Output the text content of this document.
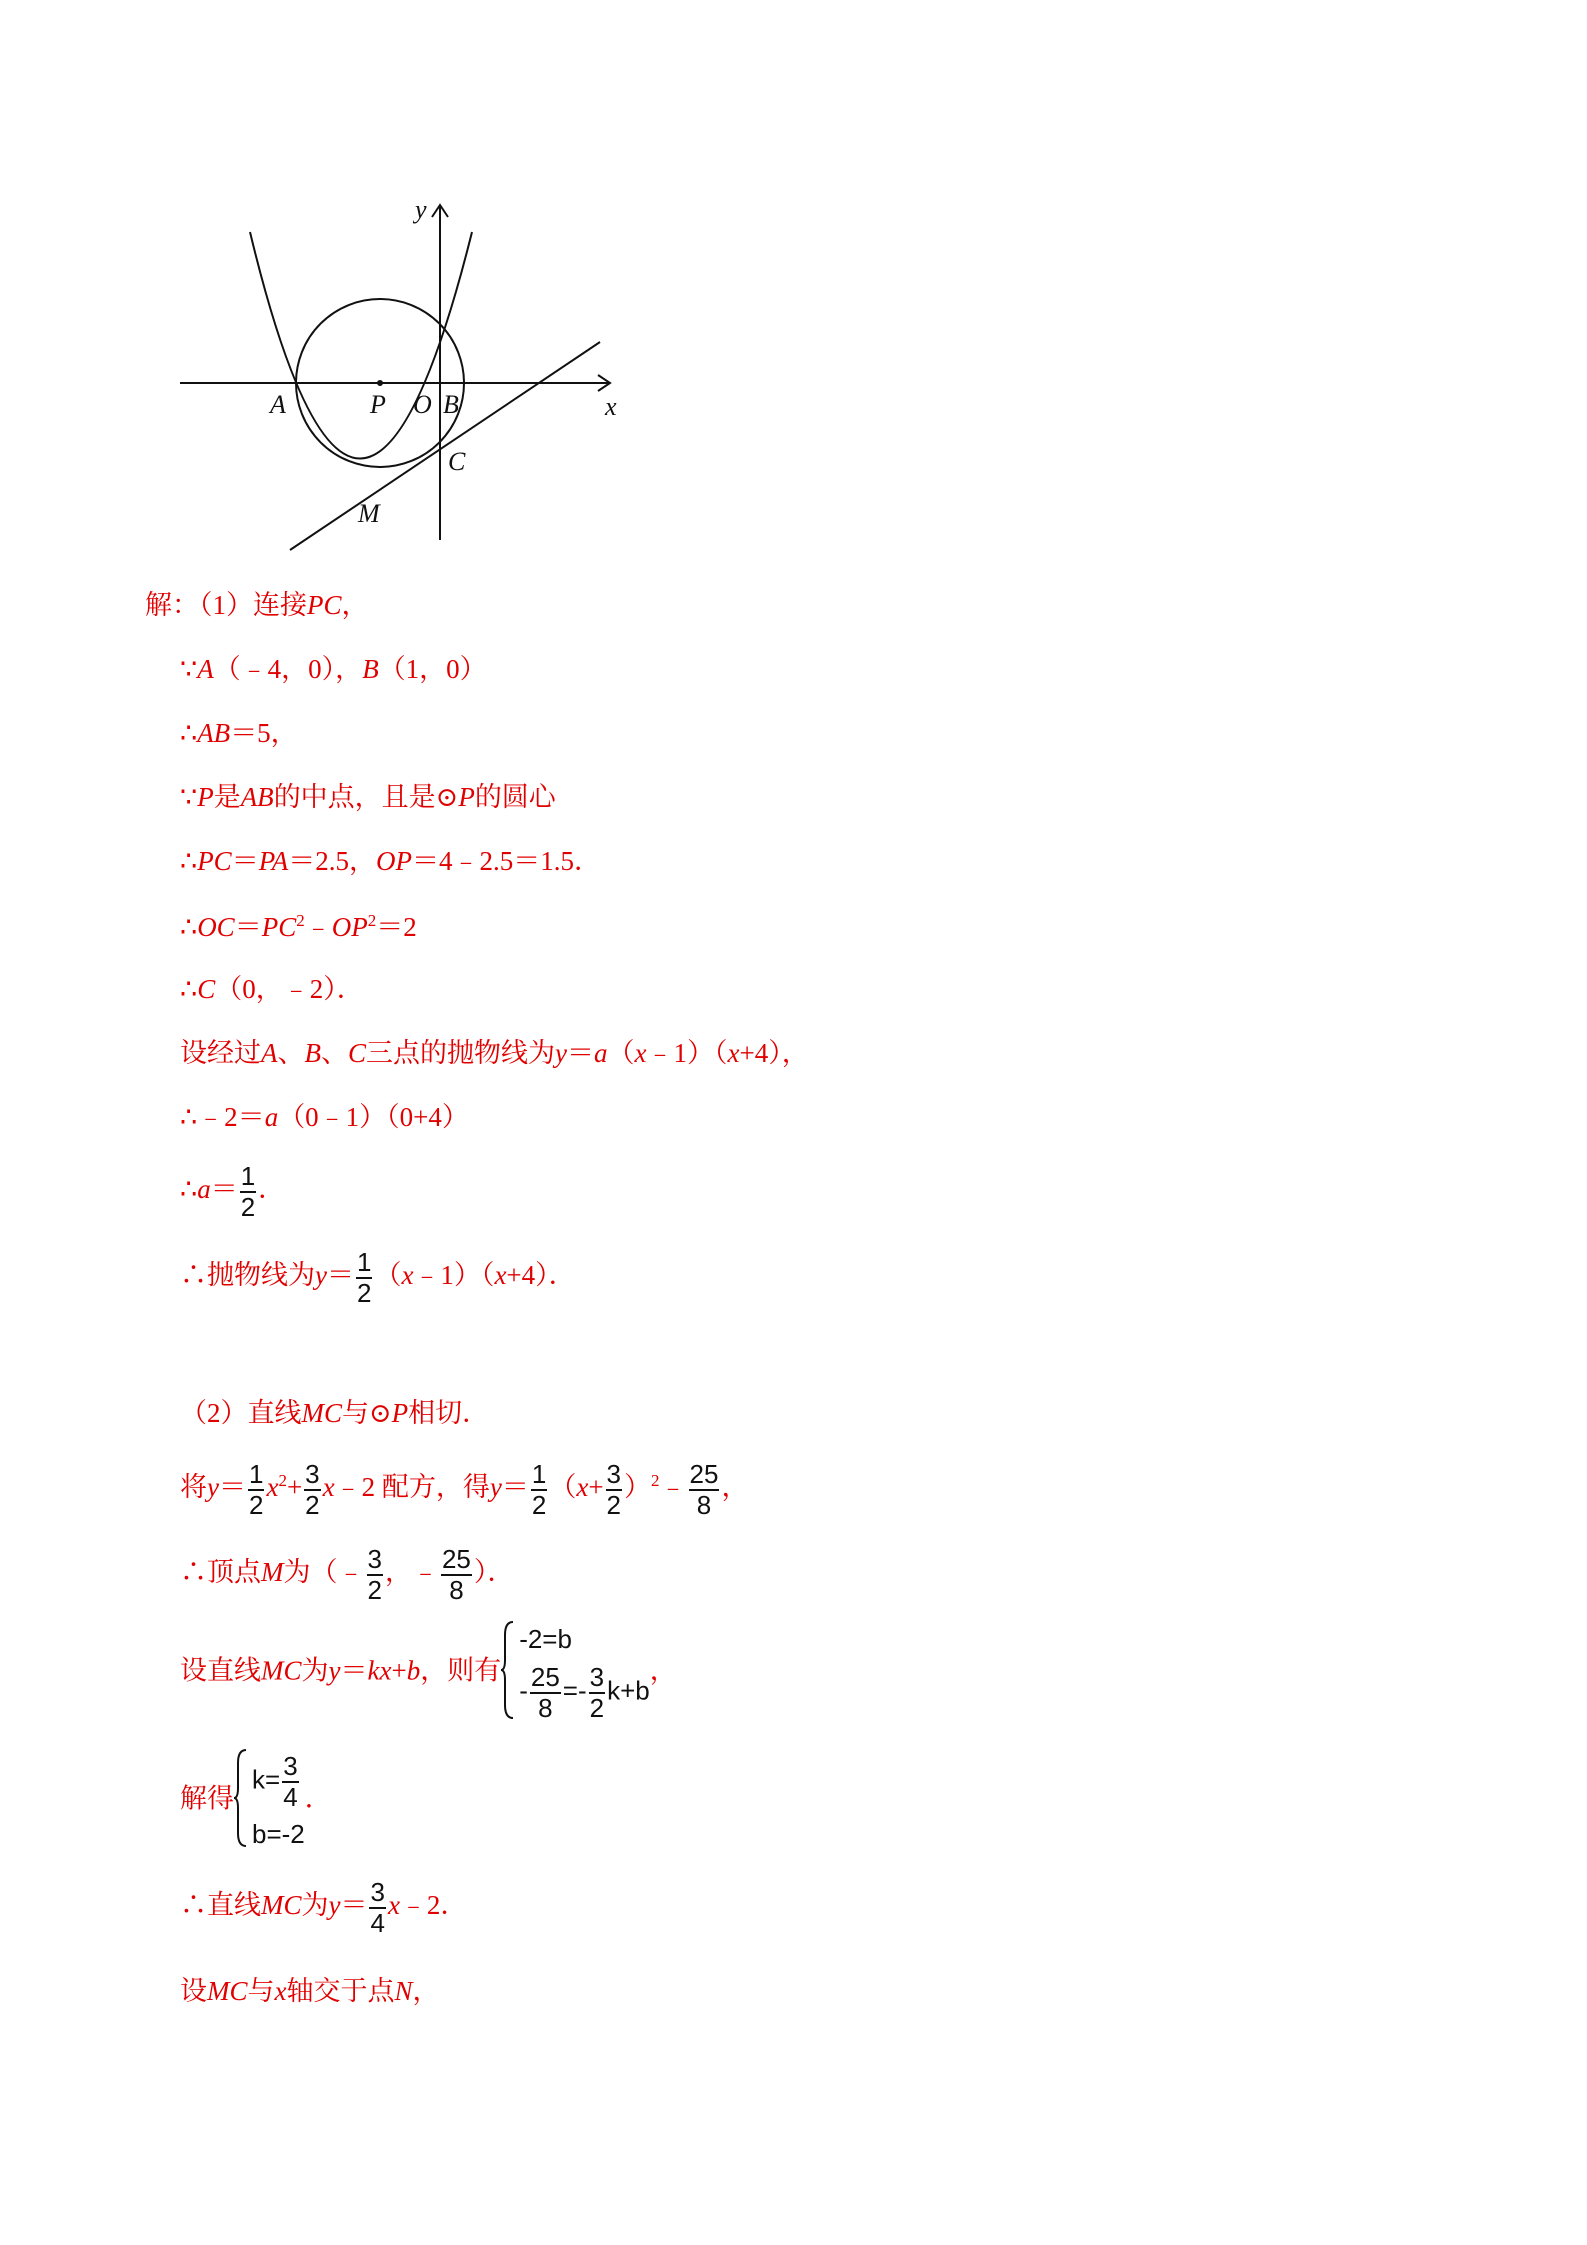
y
x
A	P O B
C
M
解：（1）连接PC，
∵A（﹣4，0），B（1，0）
∴AB＝5，
∵P是AB的中点，且是⊙P的圆心
∴PC＝PA＝2.5，OP＝4﹣2.5＝1.5．
$\therefore OC=PC^2﹣OP^2=2$
∴C（0，﹣2）．
设经过A、B、C三点的抛物线为y＝a（x﹣1）（x+4），
∴﹣2＝a（0﹣1）（0+4）
∴a＝ $\frac{1}{2}$ ．
∴抛物线为$y= \frac{1}{2}$ （x﹣1）（x+4）．
（2）直线MC与⊙P相切．
将$y= \frac{1}{2} x^2+ \frac{3}{2}$ x﹣2 配方，得$y= \frac{1}{2} (x+ \frac{3}{2}$ ）$^2﹣ \frac{25}{8}$ ，
∴顶点M为（﹣ $\frac{3}{2}$ ，﹣ $\frac{25}{8}$ ）．
设直线MC为y＝kx+b，则有
-2=b
- $\frac{25}{8} =- \frac{3}{2} k+b$
，
解得
$k= \frac{3}{4}$
b=-2
．
∴直线MC为$y= \frac{3}{4}$ x﹣2．
设MC与x轴交于点N，
